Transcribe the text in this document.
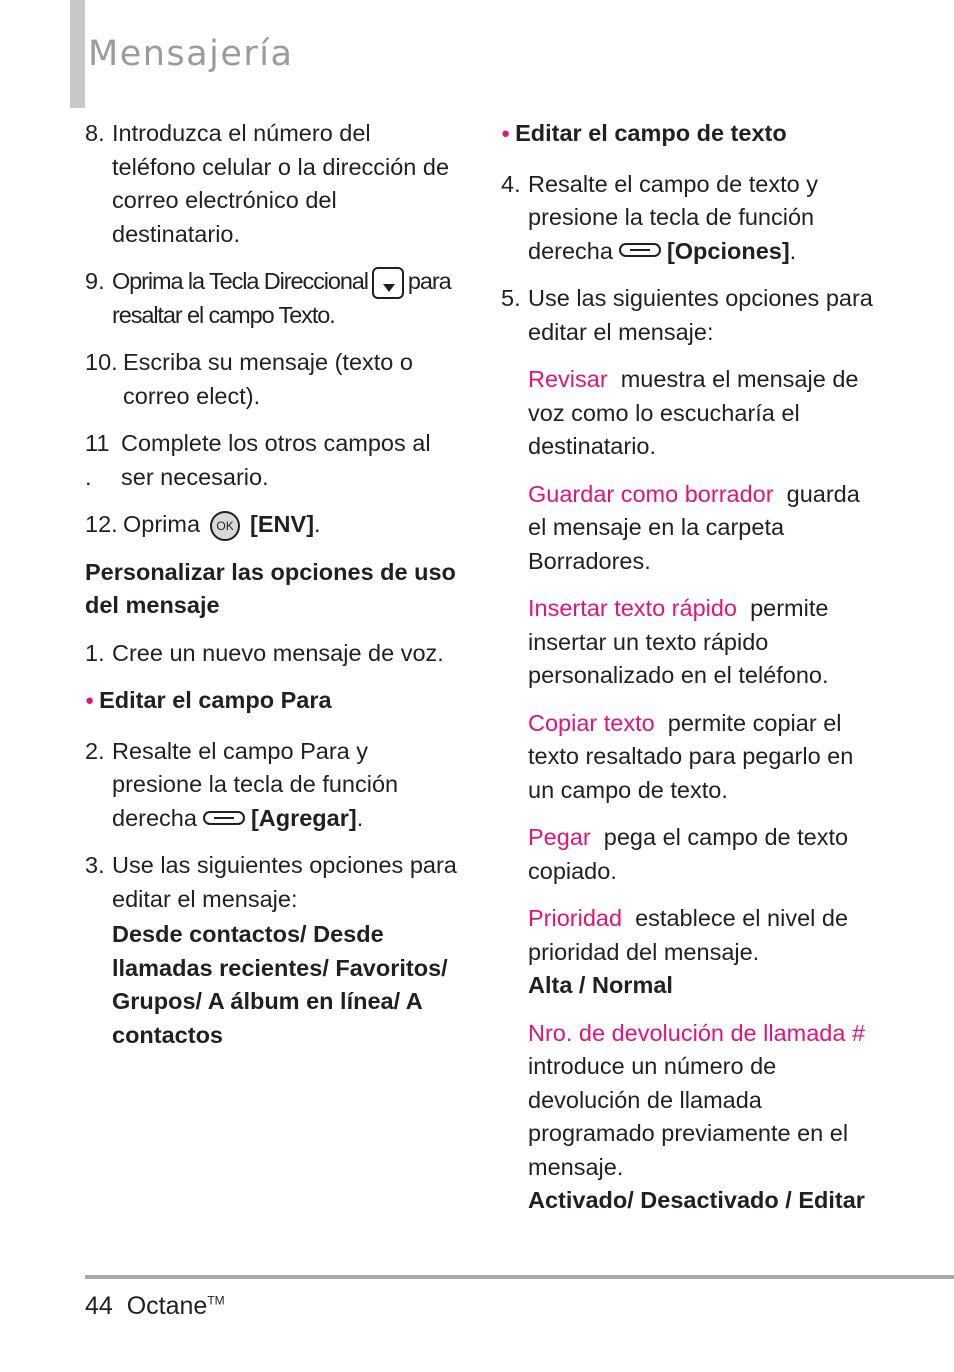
Mensajería
8. Introduzca el número del teléfono celular o la dirección de correo electrónico del destinatario.
9. Oprima la Tecla Direccional para resaltar el campo Texto.
10. Escriba su mensaje (texto o correo elect).
11 .
Complete los otros campos al ser necesario.
12. Oprima OK [ENV].
Personalizar las opciones de uso del mensaje
1. Cree un nuevo mensaje de voz.
● Editar el campo Para
2. Resalte el campo Para y presione la tecla de función derecha [Agregar].
3. Use las siguientes opciones para editar el mensaje:
Desde contactos/ Desde llamadas recientes/ Favoritos/ Grupos/ A álbum en línea/ A contactos
● Editar el campo de texto
4. Resalte el campo de texto y presione la tecla de función derecha [Opciones].
5. Use las siguientes opciones para editar el mensaje:
Revisar muestra el mensaje de voz como lo escucharía el destinatario.
Guardar como borrador guarda el mensaje en la carpeta Borradores.
Insertar texto rápido permite insertar un texto rápido personalizado en el teléfono.
Copiar texto permite copiar el texto resaltado para pegarlo en un campo de texto.
Pegar pega el campo de texto copiado.
Prioridad establece el nivel de prioridad del mensaje.
Alta / Normal
Nro. de devolución de llamada #
introduce un número de devolución de llamada programado previamente en el mensaje.
Activado/ Desactivado / Editar
44 Octane™
